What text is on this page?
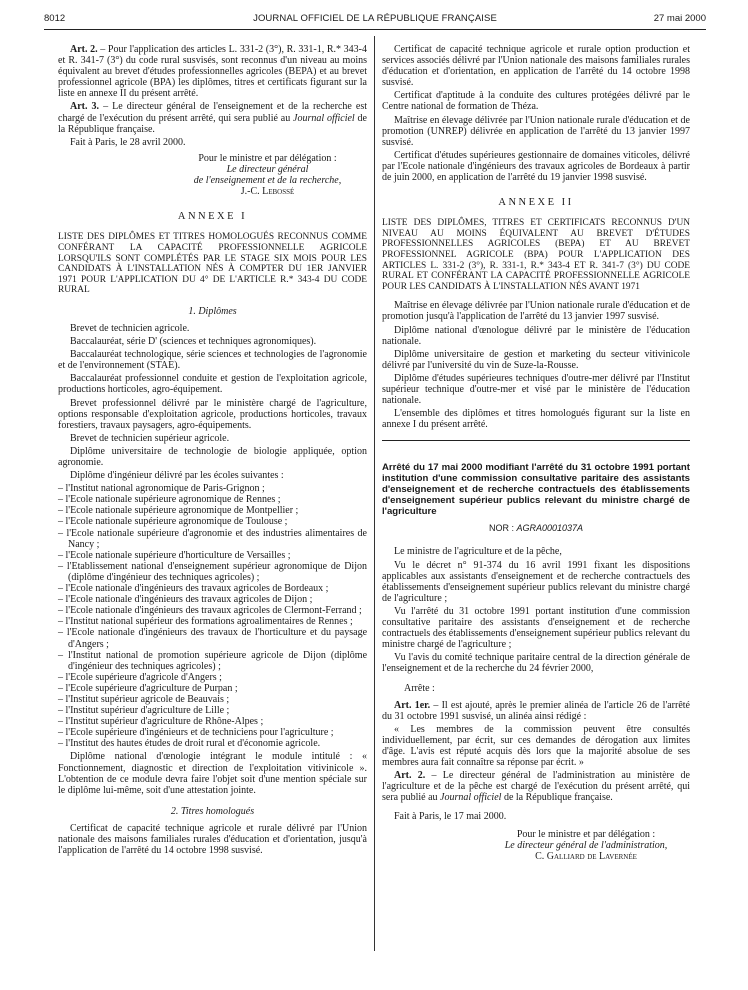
8012	JOURNAL OFFICIEL DE LA RÉPUBLIQUE FRANÇAISE	27 mai 2000

Art. 2. – Pour l'application des articles L. 331-2 (3°), R. 331-1, R.* 343-4 et R. 341-7 (3°) du code rural susvisés, sont reconnus d'un niveau au moins équivalent au brevet d'études professionnelles agricoles (BEPA) et au brevet professionnel agricole (BPA) les diplômes, titres et certificats figurant sur la liste en annexe II du présent arrêté.

Art. 3. – Le directeur général de l'enseignement et de la recherche est chargé de l'exécution du présent arrêté, qui sera publié au Journal officiel de la République française.

Fait à Paris, le 28 avril 2000.

Pour le ministre et par délégation :
Le directeur général
de l'enseignement et de la recherche,
J.-C. Lebossé
ANNEXE I

LISTE DES DIPLÔMES ET TITRES HOMOLOGUÉS RECONNUS COMME CONFÉRANT LA CAPACITÉ PROFESSIONNELLE AGRICOLE LORSQU'ILS SONT COMPLÉTÉS PAR LE STAGE SIX MOIS POUR LES CANDIDATS À L'INSTALLATION NÉS À COMPTER DU 1ER JANVIER 1971 POUR L'APPLICATION DU 4° DE L'ARTICLE R.* 343-4 DU CODE RURAL

1. Diplômes

Brevet de technicien agricole.

Baccalauréat, série D' (sciences et techniques agronomiques).

Baccalauréat technologique, série sciences et technologies de l'agronomie et de l'environnement (STAE).

Baccalauréat professionnel conduite et gestion de l'exploitation agricole, productions horticoles, agro-équipement.

Brevet professionnel délivré par le ministère chargé de l'agriculture, options responsable d'exploitation agricole, productions horticoles, travaux forestiers, travaux paysagers, agro-équipements.

Brevet de technicien supérieur agricole.

Diplôme universitaire de technologie de biologie appliquée, option agronomie.

Diplôme d'ingénieur délivré par les écoles suivantes :

– l'Institut national agronomique de Paris-Grignon ;
– l'Ecole nationale supérieure agronomique de Rennes ;
– l'Ecole nationale supérieure agronomique de Montpellier ;
– l'Ecole nationale supérieure agronomique de Toulouse ;
– l'Ecole nationale supérieure d'agronomie et des industries alimentaires de Nancy ;
– l'Ecole nationale supérieure d'horticulture de Versailles ;
– l'Etablissement national d'enseignement supérieur agronomique de Dijon (diplôme d'ingénieur des techniques agricoles) ;
– l'Ecole nationale d'ingénieurs des travaux agricoles de Bordeaux ;
– l'Ecole nationale d'ingénieurs des travaux agricoles de Dijon ;
– l'Ecole nationale d'ingénieurs des travaux agricoles de Clermont-Ferrand ;
– l'Institut national supérieur des formations agroalimentaires de Rennes ;
– l'Ecole nationale d'ingénieurs des travaux de l'horticulture et du paysage d'Angers ;
– l'Institut national de promotion supérieure agricole de Dijon (diplôme d'ingénieur des techniques agricoles) ;
– l'Ecole supérieure d'agricole d'Angers ;
– l'Ecole supérieure d'agriculture de Purpan ;
– l'Institut supérieur agricole de Beauvais ;
– l'Institut supérieur d'agriculture de Lille ;
– l'Institut supérieur d'agriculture de Rhône-Alpes ;
– l'Ecole supérieure d'ingénieurs et de techniciens pour l'agriculture ;
– l'Institut des hautes études de droit rural et d'économie agricole.

Diplôme national d'œnologie intégrant le module intitulé : « Fonctionnement, diagnostic et direction de l'exploitation vitivinicole ». L'obtention de ce module devra faire l'objet soit d'une mention spéciale sur le diplôme lui-même, soit d'une attestation jointe.

2. Titres homologués

Certificat de capacité technique agricole et rurale délivré par l'Union nationale des maisons familiales rurales d'éducation et d'orientation, jusqu'à l'application de l'arrêté du 14 octobre 1998 susvisé.

Certificat de capacité technique agricole et rurale option production et services associés délivré par l'Union nationale des maisons familiales rurales d'éducation et d'orientation, en application de l'arrêté du 14 octobre 1998 susvisé.

Certificat d'aptitude à la conduite des cultures protégées délivré par le Centre national de formation de Théza.

Maîtrise en élevage délivrée par l'Union nationale rurale d'éducation et de promotion (UNREP) délivrée en application de l'arrêté du 13 janvier 1997 susvisé.

Certificat d'études supérieures gestionnaire de domaines viticoles, délivré par l'Ecole nationale d'ingénieurs des travaux agricoles de Bordeaux à partir de juin 2000, en application de l'arrêté du 19 janvier 1998 susvisé.

ANNEXE II

LISTE DES DIPLÔMES, TITRES ET CERTIFICATS RECONNUS D'UN NIVEAU AU MOINS ÉQUIVALENT AU BREVET D'ÉTUDES PROFESSIONNELLES AGRICOLES (BEPA) ET AU BREVET PROFESSIONNEL AGRICOLE (BPA) POUR L'APPLICATION DES ARTICLES L. 331-2 (3°), R. 331-1, R.* 343-4 ET R. 341-7 (3°) DU CODE RURAL ET CONFÉRANT LA CAPACITÉ PROFESSIONNELLE AGRICOLE POUR LES CANDIDATS À L'INSTALLATION NÉS AVANT 1971

Maîtrise en élevage délivrée par l'Union nationale rurale d'éducation et de promotion jusqu'à l'application de l'arrêté du 13 janvier 1997 susvisé.

Diplôme national d'œnologue délivré par le ministère de l'éducation nationale.

Diplôme universitaire de gestion et marketing du secteur vitivinicole délivré par l'université du vin de Suze-la-Rousse.

Diplôme d'études supérieures techniques d'outre-mer délivré par l'Institut supérieur technique d'outre-mer et visé par le ministère de l'éducation nationale.

L'ensemble des diplômes et titres homologués figurant sur la liste en annexe I du présent arrêté.

Arrêté du 17 mai 2000 modifiant l'arrêté du 31 octobre 1991 portant institution d'une commission consultative paritaire des assistants d'enseignement et de recherche contractuels des établissements d'enseignement supérieur publics relevant du ministre chargé de l'agriculture

NOR : AGRA0001037A

Le ministre de l'agriculture et de la pêche,

Vu le décret n° 91-374 du 16 avril 1991 fixant les dispositions applicables aux assistants d'enseignement et de recherche contractuels des établissements d'enseignement supérieur publics relevant du ministre chargé de l'agriculture ;

Vu l'arrêté du 31 octobre 1991 portant institution d'une commission consultative paritaire des assistants d'enseignement et de recherche contractuels des établissements d'enseignement supérieur publics relevant du ministre chargé de l'agriculture ;

Vu l'avis du comité technique paritaire central de la direction générale de l'enseignement et de la recherche du 24 février 2000,

Arrête :

Art. 1er. – Il est ajouté, après le premier alinéa de l'article 26 de l'arrêté du 31 octobre 1991 susvisé, un alinéa ainsi rédigé :

« Les membres de la commission peuvent être consultés individuellement, par écrit, sur ces demandes de dérogation aux limites d'âge. L'avis est réputé acquis dès lors que la majorité absolue de ses membres aura fait connaître sa réponse par écrit. »

Art. 2. – Le directeur général de l'administration au ministère de l'agriculture et de la pêche est chargé de l'exécution du présent arrêté, qui sera publié au Journal officiel de la République française.

Fait à Paris, le 17 mai 2000.

Pour le ministre et par délégation :
Le directeur général de l'administration,
C. Galliard de Lavernée
